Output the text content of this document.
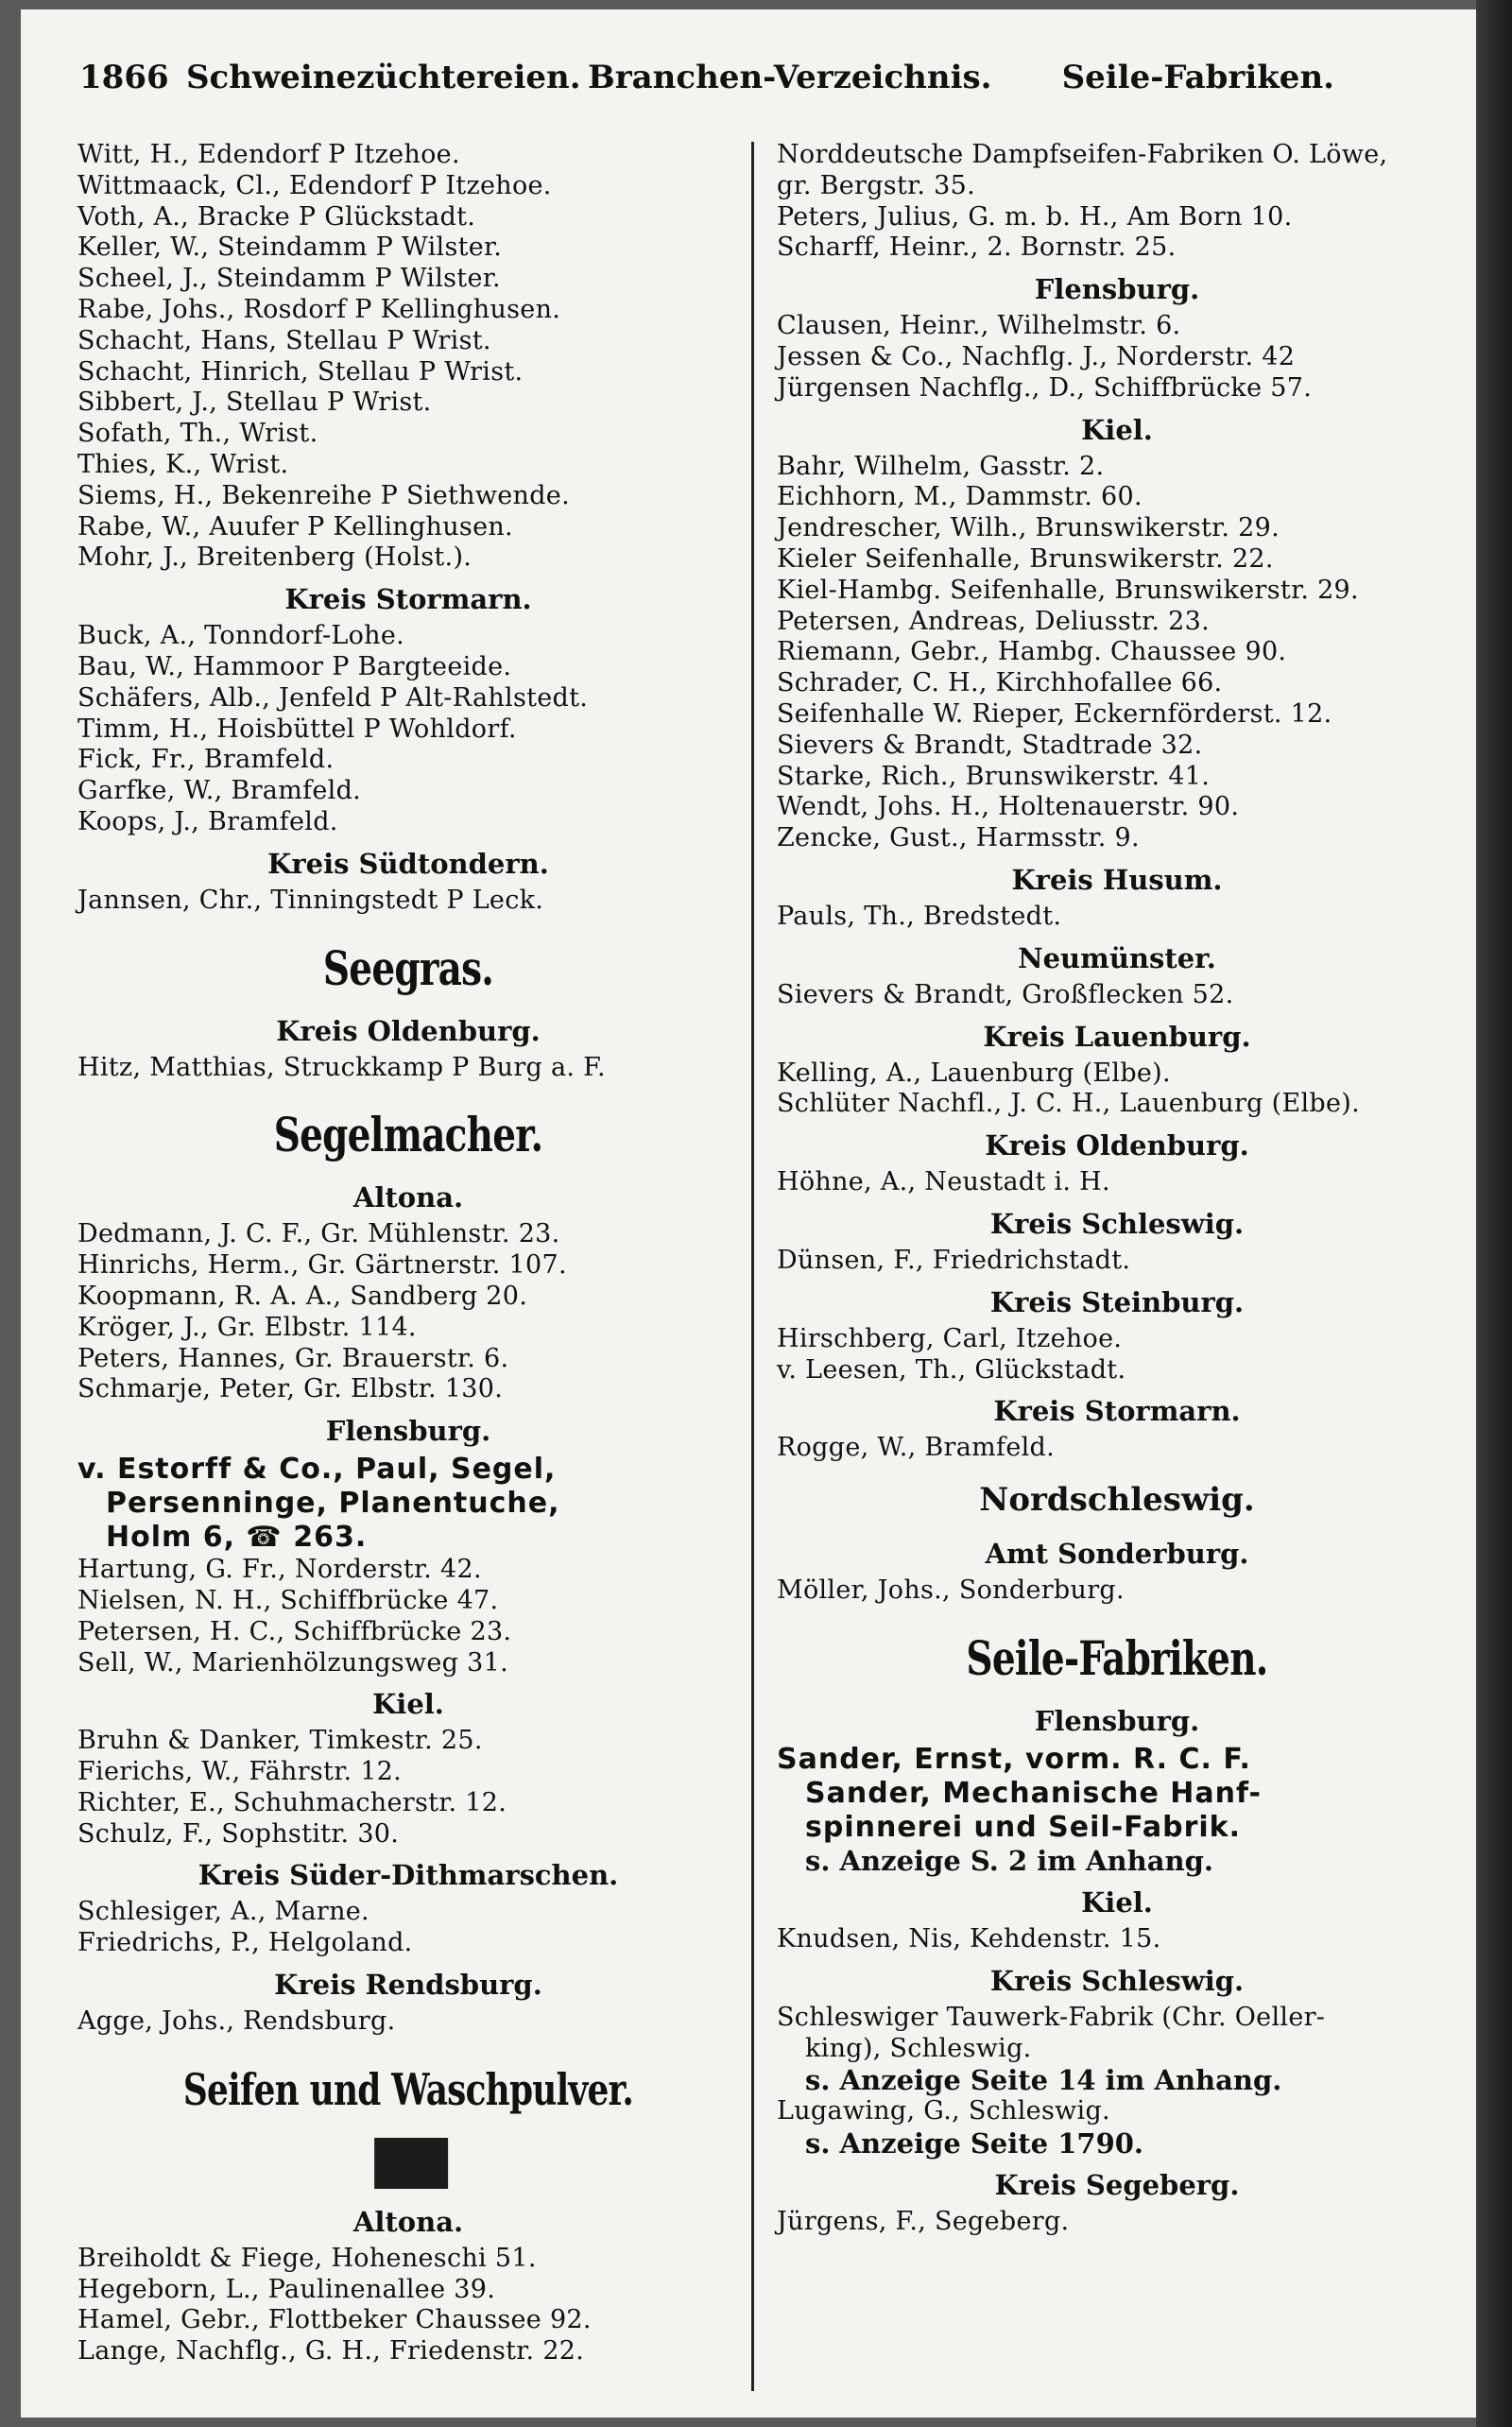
1866 Schweinezüchtereien. Branchen-Verzeichnis. Seile-Fabriken.
Witt, H., Edendorf P Itzehoe.
Wittmaack, Cl., Edendorf P Itzehoe.
Voth, A., Bracke P Glückstadt.
Keller, W., Steindamm P Wilster.
Scheel, J., Steindamm P Wilster.
Rabe, Johs., Rosdorf P Kellinghusen.
Schacht, Hans, Stellau P Wrist.
Schacht, Hinrich, Stellau P Wrist.
Sibbert, J., Stellau P Wrist.
Sofath, Th., Wrist.
Thies, K., Wrist.
Siems, H., Bekenreihe P Siethwende.
Rabe, W., Auufer P Kellinghusen.
Mohr, J., Breitenberg (Holst.).
Kreis Stormarn.
Buck, A., Tonndorf-Lohe.
Bau, W., Hammoor P Bargteeide.
Schäfers, Alb., Jenfeld P Alt-Rahlstedt.
Timm, H., Hoisbüttel P Wohldorf.
Fick, Fr., Bramfeld.
Garfke, W., Bramfeld.
Koops, J., Bramfeld.
Kreis Südtondern.
Jannsen, Chr., Tinningstedt P Leck.
Seegras.
Kreis Oldenburg.
Hitz, Matthias, Struckkamp P Burg a. F.
Segelmacher.
Altona.
Dedmann, J. C. F., Gr. Mühlenstr. 23.
Hinrichs, Herm., Gr. Gärtnerstr. 107.
Koopmann, R. A. A., Sandberg 20.
Kröger, J., Gr. Elbstr. 114.
Peters, Hannes, Gr. Brauerstr. 6.
Schmarje, Peter, Gr. Elbstr. 130.
Flensburg.
v. Estorff & Co., Paul, Segel,
Persenninge, Planentuche,
Holm 6, ☎ 263.
Hartung, G. Fr., Norderstr. 42.
Nielsen, N. H., Schiffbrücke 47.
Petersen, H. C., Schiffbrücke 23.
Sell, W., Marienhölzungsweg 31.
Kiel.
Bruhn & Danker, Timkestr. 25.
Fierichs, W., Fährstr. 12.
Richter, E., Schuhmacherstr. 12.
Schulz, F., Sophstitr. 30.
Kreis Süder-Dithmarschen.
Schlesiger, A., Marne.
Friedrichs, P., Helgoland.
Kreis Rendsburg.
Agge, Johs., Rendsburg.
Seifen und Waschpulver.
Altona.
Breiholdt & Fiege, Hoheneschi 51.
Hegeborn, L., Paulinenallee 39.
Hamel, Gebr., Flottbeker Chaussee 92.
Lange, Nachflg., G. H., Friedenstr. 22.
Norddeutsche Dampfseifen-Fabriken O. Löwe,
gr. Bergstr. 35.
Peters, Julius, G. m. b. H., Am Born 10.
Scharff, Heinr., 2. Bornstr. 25.
Flensburg.
Clausen, Heinr., Wilhelmstr. 6.
Jessen & Co., Nachflg. J., Norderstr. 42
Jürgensen Nachflg., D., Schiffbrücke 57.
Kiel.
Bahr, Wilhelm, Gasstr. 2.
Eichhorn, M., Dammstr. 60.
Jendrescher, Wilh., Brunswikerstr. 29.
Kieler Seifenhalle, Brunswikerstr. 22.
Kiel-Hambg. Seifenhalle, Brunswikerstr. 29.
Petersen, Andreas, Deliusstr. 23.
Riemann, Gebr., Hambg. Chaussee 90.
Schrader, C. H., Kirchhofallee 66.
Seifenhalle W. Rieper, Eckernförderst. 12.
Sievers & Brandt, Stadtrade 32.
Starke, Rich., Brunswikerstr. 41.
Wendt, Johs. H., Holtenauerstr. 90.
Zencke, Gust., Harmsstr. 9.
Kreis Husum.
Pauls, Th., Bredstedt.
Neumünster.
Sievers & Brandt, Großflecken 52.
Kreis Lauenburg.
Kelling, A., Lauenburg (Elbe).
Schlüter Nachfl., J. C. H., Lauenburg (Elbe).
Kreis Oldenburg.
Höhne, A., Neustadt i. H.
Kreis Schleswig.
Dünsen, F., Friedrichstadt.
Kreis Steinburg.
Hirschberg, Carl, Itzehoe.
v. Leesen, Th., Glückstadt.
Kreis Stormarn.
Rogge, W., Bramfeld.
Nordschleswig.
Amt Sonderburg.
Möller, Johs., Sonderburg.
Seile-Fabriken.
Flensburg.
Sander, Ernst, vorm. R. C. F.
Sander, Mechanische Hanf-
spinnerei und Seil-Fabrik.
s. Anzeige S. 2 im Anhang.
Kiel.
Knudsen, Nis, Kehdenstr. 15.
Kreis Schleswig.
Schleswiger Tauwerk-Fabrik (Chr. Oeller-
king), Schleswig.
s. Anzeige Seite 14 im Anhang.
Lugawing, G., Schleswig.
s. Anzeige Seite 1790.
Kreis Segeberg.
Jürgens, F., Segeberg.
